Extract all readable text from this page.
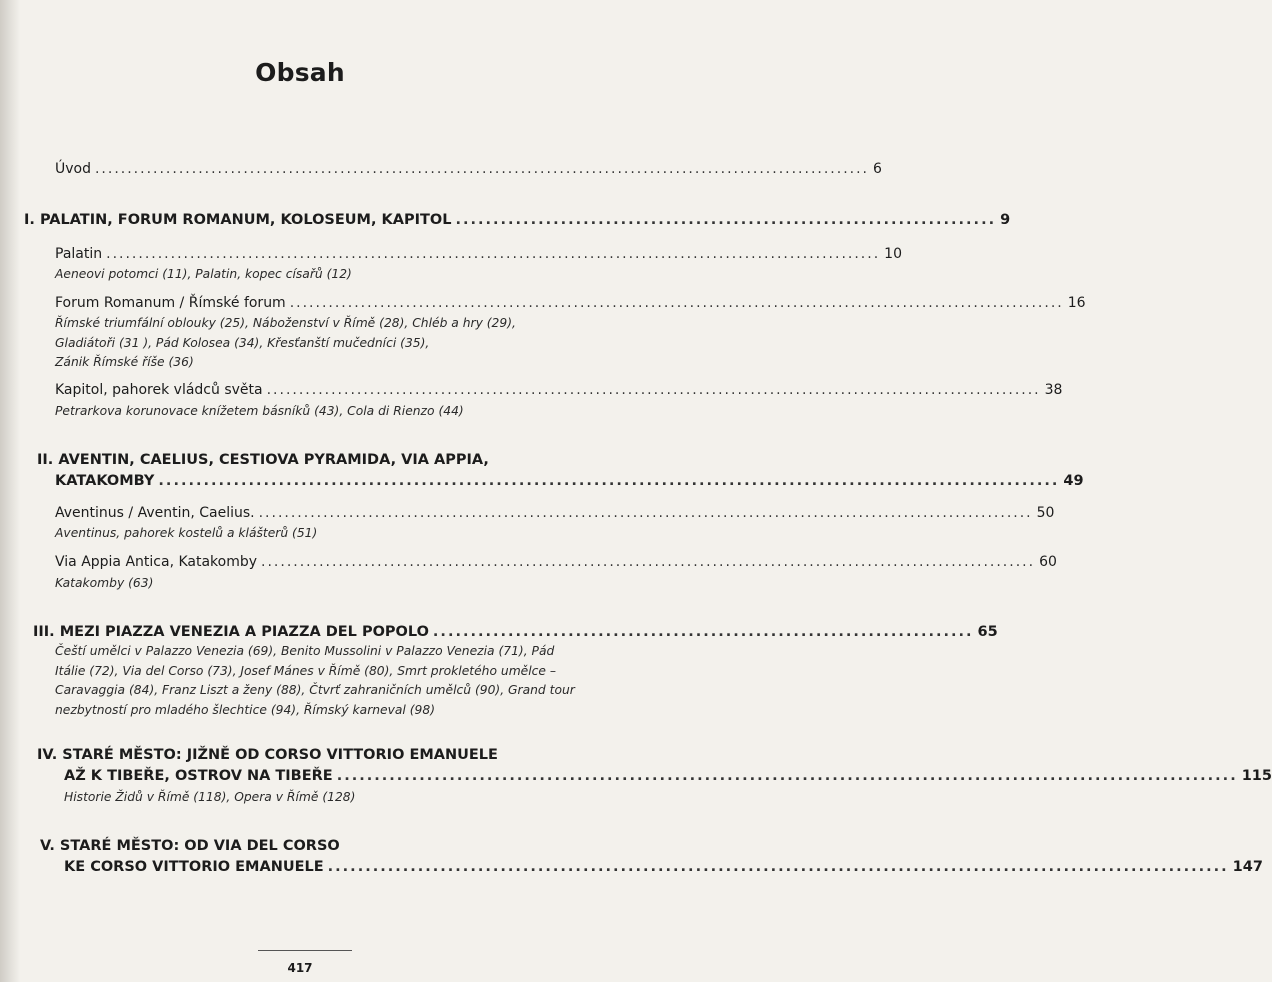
Obsah
Úvod ........................................................................................................................ 6
I. PALATIN, FORUM ROMANUM, KOLOSEUM, KAPITOL ........................................................................ 9
Palatin ........................................................................................................................ 10
Aeneovi potomci (11), Palatin, kopec císařů (12)
Forum Romanum / Římské forum ........................................................................................................................ 16
Římské triumfální oblouky (25), Náboženství v Římě (28), Chléb a hry (29),
Gladiátoři (31 ), Pád Kolosea (34), Křesťanští mučedníci (35),
Zánik Římské říše (36)
Kapitol, pahorek vládců světa ........................................................................................................................ 38
Petrarkova korunovace knížetem básníků (43), Cola di Rienzo (44)
II. AVENTIN, CAELIUS, CESTIOVA PYRAMIDA, VIA APPIA,
KATAKOMBY ........................................................................................................................ 49
Aventinus / Aventin, Caelius. ........................................................................................................................ 50
Aventinus, pahorek kostelů a klášterů (51)
Via Appia Antica, Katakomby ........................................................................................................................ 60
Katakomby (63)
III. MEZI PIAZZA VENEZIA A PIAZZA DEL POPOLO ........................................................................ 65
Čeští umělci v Palazzo Venezia (69), Benito Mussolini v Palazzo Venezia (71), Pád
Itálie (72), Via del Corso (73), Josef Mánes v Římě (80), Smrt prokletého umělce –
Caravaggia (84), Franz Liszt a ženy (88), Čtvrť zahraničních umělců (90), Grand tour
nezbytností pro mladého šlechtice (94), Římský karneval (98)
IV. STARÉ MĚSTO: JIŽNĚ OD CORSO VITTORIO EMANUELE
AŽ K TIBEŘE, OSTROV NA TIBEŘE ........................................................................................................................ 115
Historie Židů v Římě (118), Opera v Římě (128)
V. STARÉ MĚSTO: OD VIA DEL CORSO
KE CORSO VITTORIO EMANUELE ........................................................................................................................ 147
417
